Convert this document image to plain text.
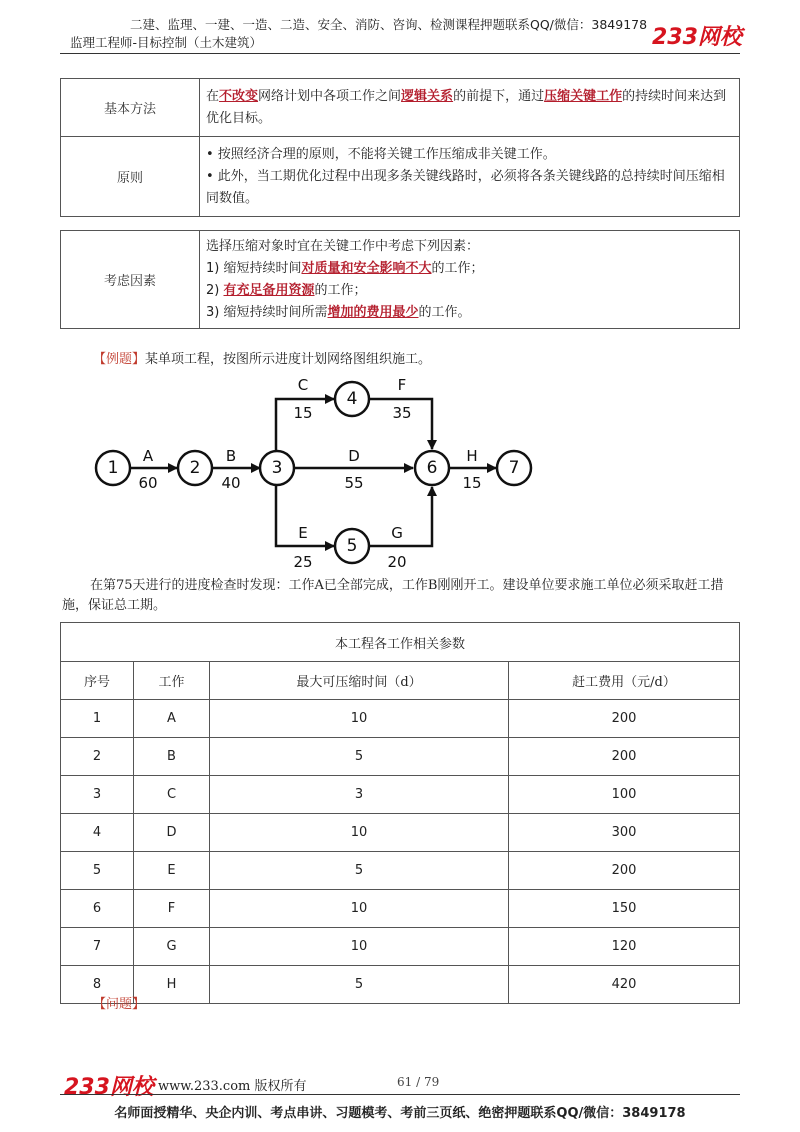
二建、监理、一建、一造、二造、安全、消防、咨询、检测课程押题联系QQ/微信：3849178
监理工程师-目标控制（土木建筑）	233网校
基本方法	在不改变网络计划中各项工作之间逻辑关系的前提下，通过压缩关键工作的持续时间来达到优化目标。
原则	• 按照经济合理的原则，不能将关键工作压缩成非关键工作。
• 此外，当工期优化过程中出现多条关键线路时，必须将各条关键线路的总持续时间压缩相同数值。
考虑因素	
选择压缩对象时宜在关键工作中考虑下列因素：
1) 缩短持续时间对质量和安全影响不大的工作；
2) 有充足备用资源的工作；
3) 缩短持续时间所需增加的费用最少的工作。
【例题】某单项工程，按图所示进度计划网络图组织施工。
A
60
B
40
C
15
D
55
E
25
F
35
G
20
H
15
1	2	3
4
5
6	7
在第75天进行的进度检查时发现：工作A已全部完成，工作B刚刚开工。建设单位要求施工单位必须采取赶工措施，保证总工期。
本工程各工作相关参数			
序号	工作	最大可压缩时间（d）	赶工费用（元/d）
1	A	10	200
2	B	5	200
3	C	3	100
4	D	10	300
5	E	5	200
6	F	10	150
7	G	10	120
8	H	5	420
【问题】
233网校 www.233.com 版权所有	61 / 79
名师面授精华、央企内训、考点串讲、习题模考、考前三页纸、绝密押题联系QQ/微信：3849178
